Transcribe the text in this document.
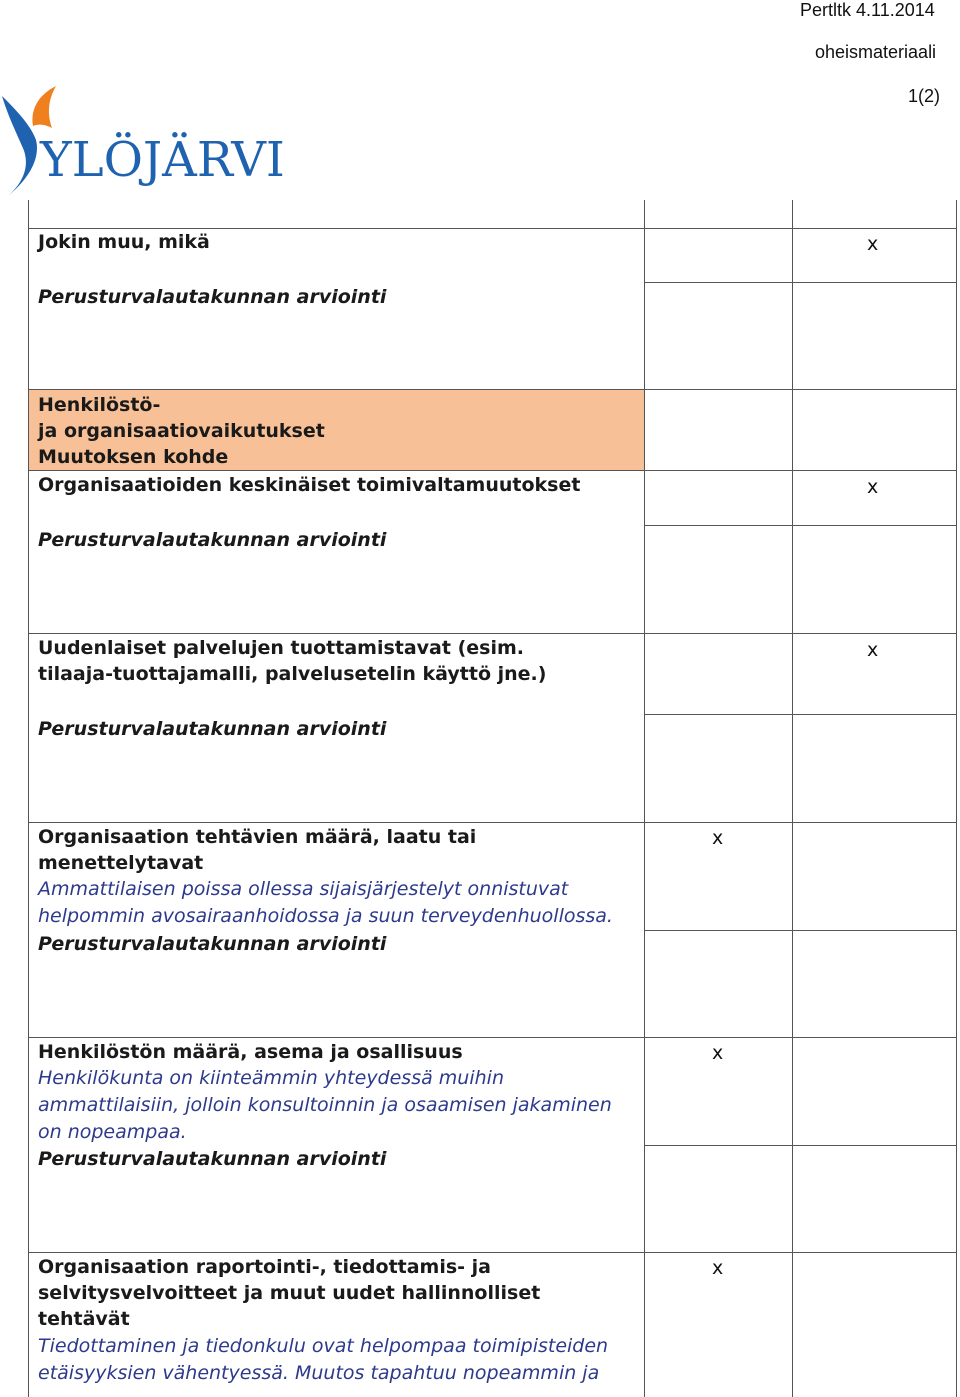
Pertltk 4.11.2014
oheismateriaali
1(2)
YLÖJÄRVI
Jokin muu, mikä	x
Perusturvalautakunnan arviointi
Henkilöstö-
ja organisaatiovaikutukset
Muutoksen kohde
Organisaatioiden keskinäiset toimivaltamuutokset	x
Perusturvalautakunnan arviointi
Uudenlaiset palvelujen tuottamistavat (esim.
tilaaja-tuottajamalli, palvelusetelin käyttö jne.)
x
Perusturvalautakunnan arviointi
Organisaation tehtävien määrä, laatu tai
menettelytavat
Ammattilaisen poissa ollessa sijaisjärjestelyt onnistuvat
helpommin avosairaanhoidossa ja suun terveydenhuollossa.
x
Perusturvalautakunnan arviointi
Henkilöstön määrä, asema ja osallisuus
Henkilökunta on kiinteämmin yhteydessä muihin
ammattilaisiin, jolloin konsultoinnin ja osaamisen jakaminen
on nopeampaa.
x
Perusturvalautakunnan arviointi
Organisaation raportointi-, tiedottamis- ja
selvitysvelvoitteet ja muut uudet hallinnolliset
tehtävät
Tiedottaminen ja tiedonkulu ovat helpompaa toimipisteiden
etäisyyksien vähentyessä. Muutos tapahtuu nopeammin ja
x
